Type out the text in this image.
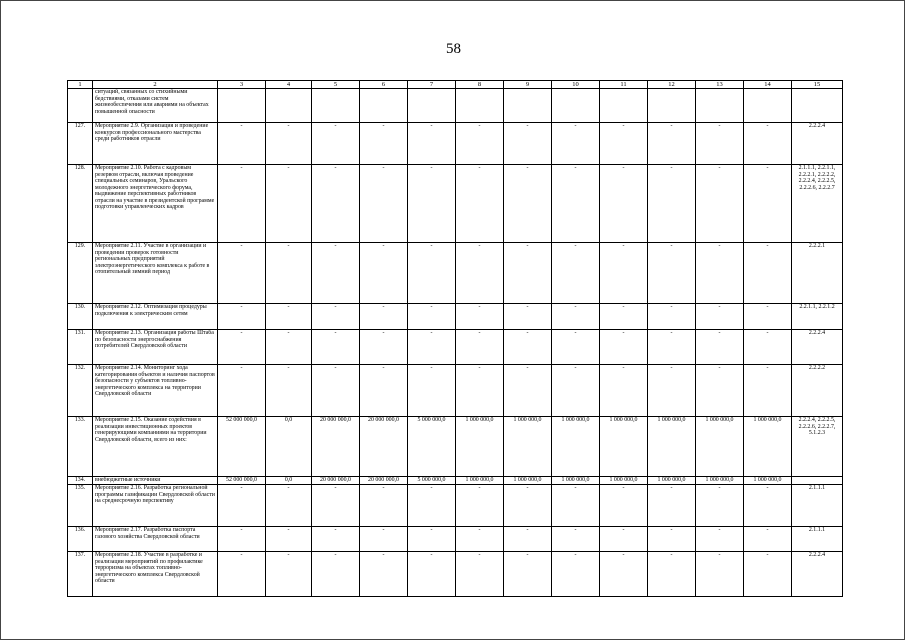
58
1	2	3	4	5	6	7	8	9	10	11	12	13	14	15
	ситуаций, связанных со стихийными бедствиями, отказами систем жизнеобеспечения или авариями на объектах повышенной опасности													
127.	Мероприятие 2.9. Организация и проведение конкурсов профессионального мастерства среди работников отрасли	-	-	-	-	-	-	-	-	-	-	-	-	2.2.2.4
128.	Мероприятие 2.10. Работа с кадровым резервом отрасли, включая проведение специальных семинаров, Уральского молодежного энергетического форума, выдвижение перспективных работников отрасли на участие в президентской программе подготовки управленческих кадров	-	-	-	-	-	-	-	-	-	-	-	-	2.1.1.1, 2.2.1.1, 2.2.2.1, 2.2.2.2, 2.2.2.4, 2.2.2.5, 2.2.2.6, 2.2.2.7
129.	Мероприятие 2.11. Участие в организации и проведении проверок готовности региональных предприятий электроэнергетического комплекса к работе в отопительный зимний период	-	-	-	-	-	-	-	-	-	-	-	-	2.2.2.1
130.	Мероприятие 2.12. Оптимизация процедуры подключения к электрическим сетям	-	-	-	-	-	-	-	-	-	-	-	-	2.2.1.1, 2.2.1.2
131.	Мероприятие 2.13. Организация работы Штаба по безопасности энергоснабжения потребителей Свердловской области	-	-	-	-	-	-	-	-	-	-	-	-	2.2.2.4
132.	Мероприятие 2.14. Мониторинг хода категорирования объектов и наличия паспортов безопасности у субъектов топливно-энергетического комплекса на территории Свердловской области	-	-	-	-	-	-	-	-	-	-	-	-	2.2.2.2
133.	Мероприятие 2.15. Оказание содействия в реализации инвестиционных проектов генерирующими компаниями на территории Свердловской области, всего из них:	52 000 000,0	0,0	20 000 000,0	20 000 000,0	5 000 000,0	1 000 000,0	1 000 000,0	1 000 000,0	1 000 000,0	1 000 000,0	1 000 000,0	1 000 000,0	2.2.2.4, 2.2.2.5, 2.2.2.6, 2.2.2.7, 5.1.2.3
134.	внебюджетные источники	52 000 000,0	0,0	20 000 000,0	20 000 000,0	5 000 000,0	1 000 000,0	1 000 000,0	1 000 000,0	1 000 000,0	1 000 000,0	1 000 000,0	1 000 000,0	
135.	Мероприятие 2.16. Разработка региональной программы газификации Свердловской области на среднесрочную перспективу	-	-	-	-	-	-	-	-	-	-	-	-	2.1.1.1
136.	Мероприятие 2.17. Разработка паспорта газового хозяйства Свердловской области	-	-	-	-	-	-	-	-	-	-	-	-	2.1.1.1
137.	Мероприятие 2.18. Участие в разработке и реализации мероприятий по профилактике терроризма на объектах топливно-энергетического комплекса Свердловской области	-	-	-	-	-	-	-	-	-	-	-	-	2.2.2.4
